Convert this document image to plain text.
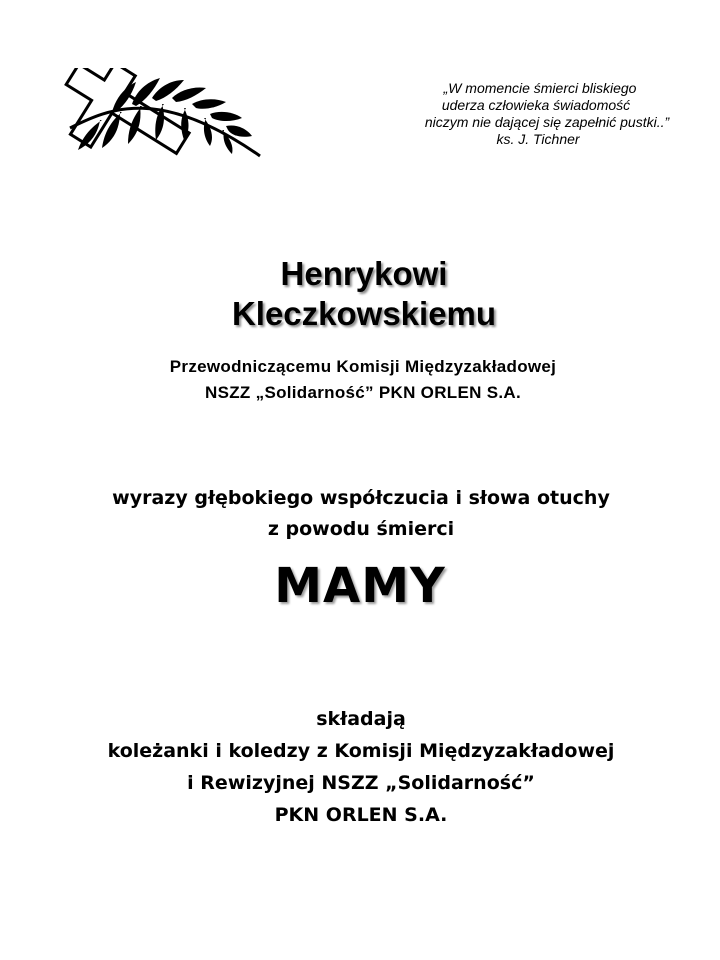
„W momencie śmierci bliskiego
uderza człowieka świadomość
niczym nie dającej się zapełnić pustki..”
ks. J. Tichner
Henrykowi
Kleczkowskiemu
Przewodniczącemu Komisji Międzyzakładowej
NSZZ „Solidarność” PKN ORLEN S.A.
wyrazy głębokiego współczucia i słowa otuchy
z powodu śmierci
MAMY
składają
koleżanki i koledzy z Komisji Międzyzakładowej
i Rewizyjnej NSZZ „Solidarność”
PKN ORLEN S.A.
